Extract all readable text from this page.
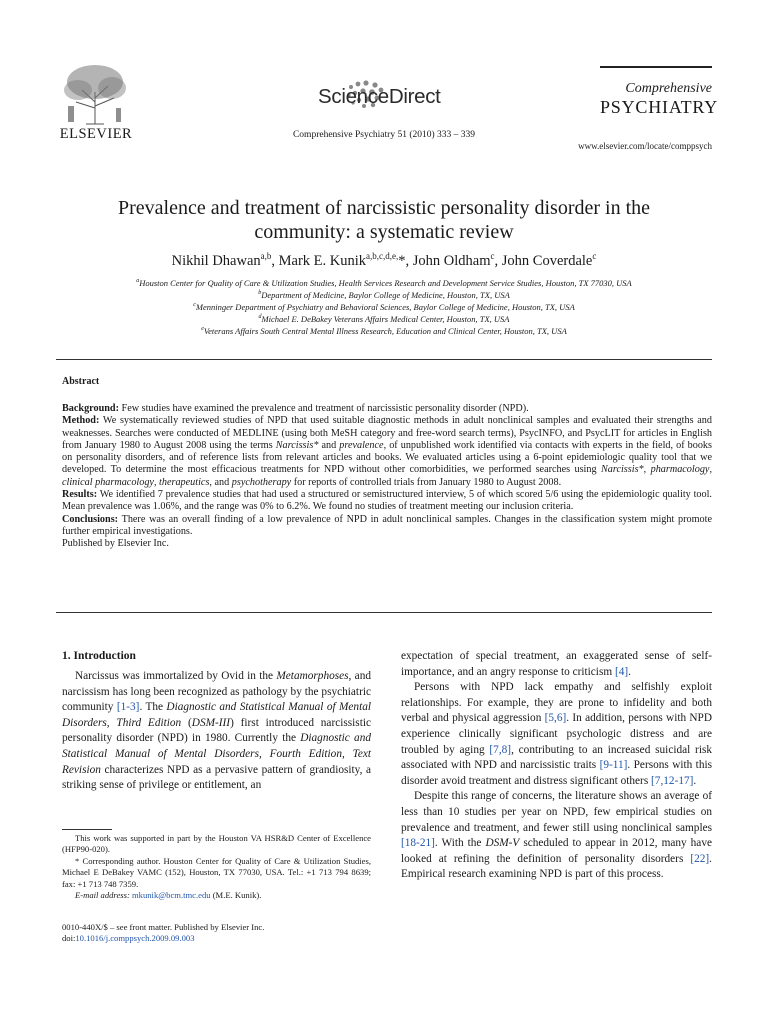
ELSEVIER
ScienceDirect
Comprehensive Psychiatry 51 (2010) 333 – 339
Comprehensive
PSYCHIATRY
www.elsevier.com/locate/comppsych
Prevalence and treatment of narcissistic personality disorder in the community: a systematic review
Nikhil Dhawan$^{a,b}$, Mark E. Kunik$^{a,b,c,d,e,}$*, John Oldham$^c$, John Coverdale$^c$
$^a$Houston Center for Quality of Care & Utilization Studies, Health Services Research and Development Service Studies, Houston, TX 77030, USA
$^b$Department of Medicine, Baylor College of Medicine, Houston, TX, USA
$^c$Menninger Department of Psychiatry and Behavioral Sciences, Baylor College of Medicine, Houston, TX, USA
$^d$Michael E. DeBakey Veterans Affairs Medical Center, Houston, TX, USA
$^e$Veterans Affairs South Central Mental Illness Research, Education and Clinical Center, Houston, TX, USA
Abstract

Background: Few studies have examined the prevalence and treatment of narcissistic personality disorder (NPD).

Method: We systematically reviewed studies of NPD that used suitable diagnostic methods in adult nonclinical samples and evaluated their strengths and weaknesses. Searches were conducted of MEDLINE (using both MeSH category and free-word search terms), PsycINFO, and PsycLIT for articles in English from January 1980 to August 2008 using the terms Narcissis* and prevalence, of unpublished work identified via contacts with experts in the field, of books on personality disorders, and of reference lists from relevant articles and books. We evaluated articles using a 6-point epidemiologic quality tool that we developed. To determine the most efficacious treatments for NPD without other comorbidities, we performed searches using Narcissis*, pharmacology, clinical pharmacology, therapeutics, and psychotherapy for reports of controlled trials from January 1980 to August 2008.

Results: We identified 7 prevalence studies that had used a structured or semistructured interview, 5 of which scored 5/6 using the epidemiologic quality tool. Mean prevalence was 1.06%, and the range was 0% to 6.2%. We found no studies of treatment meeting our inclusion criteria.

Conclusions: There was an overall finding of a low prevalence of NPD in adult nonclinical samples. Changes in the classification system might promote further empirical investigations.

Published by Elsevier Inc.

1. Introduction

Narcissus was immortalized by Ovid in the Metamorphoses, and narcissism has long been recognized as pathology by the psychiatric community [1-3]. The Diagnostic and Statistical Manual of Mental Disorders, Third Edition (DSM-III) first introduced narcissistic personality disorder (NPD) in 1980. Currently the Diagnostic and Statistical Manual of Mental Disorders, Fourth Edition, Text Revision characterizes NPD as a pervasive pattern of grandiosity, a striking sense of privilege or entitlement, an

expectation of special treatment, an exaggerated sense of self-importance, and an angry response to criticism [4].

Persons with NPD lack empathy and selfishly exploit relationships. For example, they are prone to infidelity and both verbal and physical aggression [5,6]. In addition, persons with NPD experience clinically significant psychologic distress and are troubled by aging [7,8], contributing to an increased suicidal risk associated with NPD and narcissistic traits [9-11]. Persons with this disorder avoid treatment and distress significant others [7,12-17].

Despite this range of concerns, the literature shows an average of less than 10 studies per year on NPD, few empirical studies on prevalence and treatment, and fewer still using nonclinical samples [18-21]. With the DSM-V scheduled to appear in 2012, many have looked at refining the definition of personality disorders [22]. Empirical research examining NPD is part of this process.

This work was supported in part by the Houston VA HSR&D Center of Excellence (HFP90-020).

* Corresponding author. Houston Center for Quality of Care & Utilization Studies, Michael E DeBakey VAMC (152), Houston, TX 77030, USA. Tel.: +1 713 794 8639; fax: +1 713 748 7359.

E-mail address: mkunik@bcm.tmc.edu (M.E. Kunik).

0010-440X/$ – see front matter. Published by Elsevier Inc.

doi:10.1016/j.comppsych.2009.09.003
